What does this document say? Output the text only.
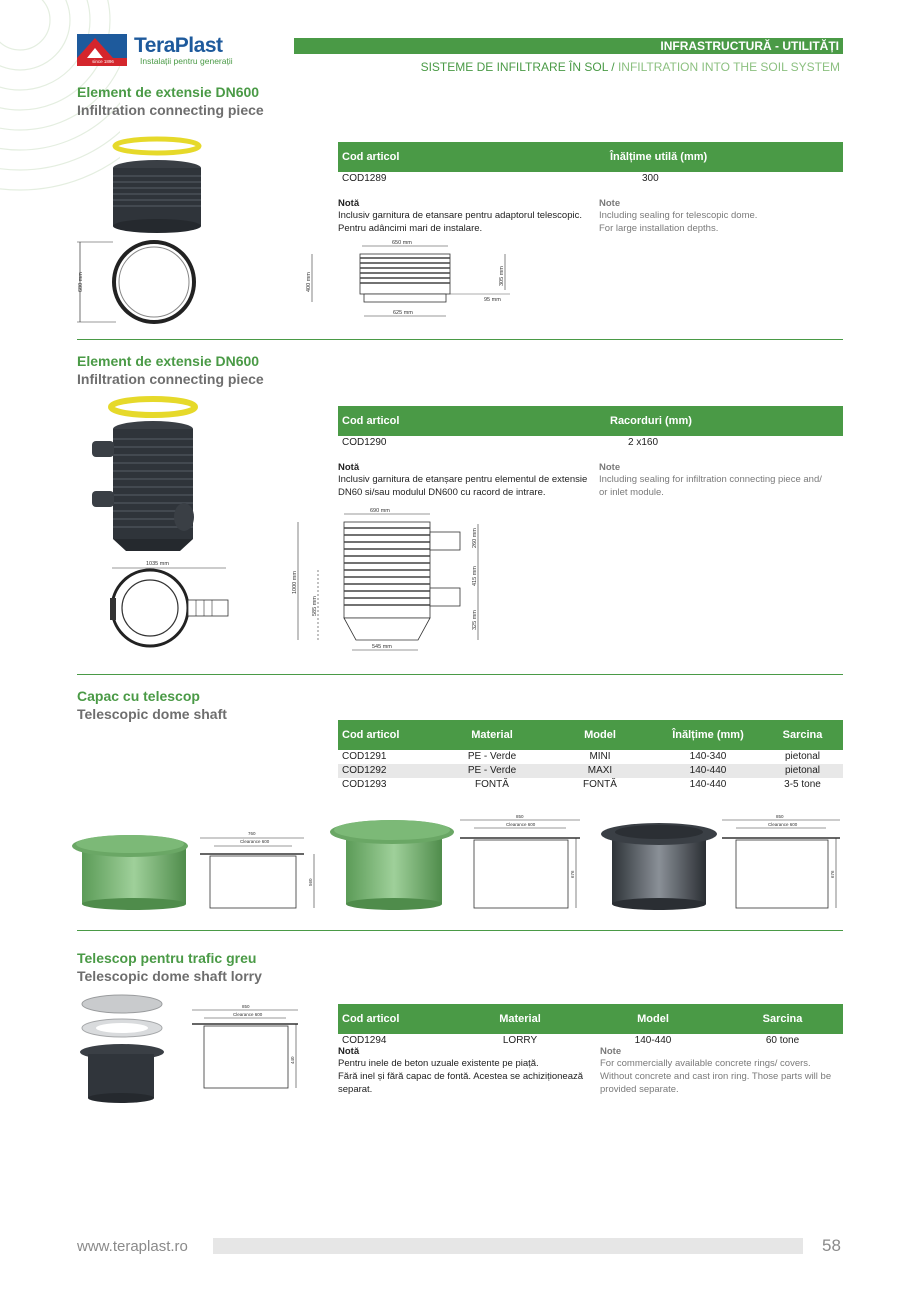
since 1896
TeraPlast
Instalații pentru generații
INFRASTRUCTURĂ - UTILITĂȚI
SISTEME DE INFILTRARE ÎN SOL / INFILTRATION INTO THE SOIL SYSTEM
Element de extensie DN600
Infiltration connecting piece
680 mm
Cod articol	Înălțime utilă (mm)
COD1289	300
Notă
Inclusiv garnitura de etansare pentru adaptorul telescopic.
Pentru adâncimi mari de instalare.
Note
Including sealing for telescopic dome.
For large installation depths.
650 mm
400 mm	305 mm
95 mm
625 mm
Element de extensie DN600
Infiltration connecting piece
1035 mm
Cod articol	Racorduri (mm)
COD1290	2 x160
Notă
Inclusiv garnitura de etanșare pentru elementul de extensie
DN60 si/sau modulul DN600 cu racord de intrare.
Note
Including sealing for infiltration connecting piece and/
or inlet module.
690 mm
1000 mm
585 mm
260 mm
415 mm
325 mm
545 mm
Capac cu telescop
Telescopic dome shaft
Cod articol	Material	Model	Înălțime (mm)	Sarcina
COD1291	PE - Verde	MINI	140-340	pietonal
COD1292	PE - Verde	MAXI	140-440	pietonal
COD1293	FONTĂ	FONTĂ	140-440	3-5 tone
760
Clearance 600
560
850
Clearance 600
676
850
Clearance 600
676
Telescop pentru trafic greu
Telescopic dome shaft lorry
850
Clearance 600
440
Cod articol	Material	Model	Sarcina
COD1294	LORRY	140-440	60 tone
Notă
Pentru inele de beton uzuale existente pe piață.
Fără inel și fără capac de fontă. Acestea se achiziționează
separat.
Note
For commercially available concrete rings/ covers.
Without concrete and cast iron ring. Those parts will be
provided separate.
www.teraplast.ro	58
